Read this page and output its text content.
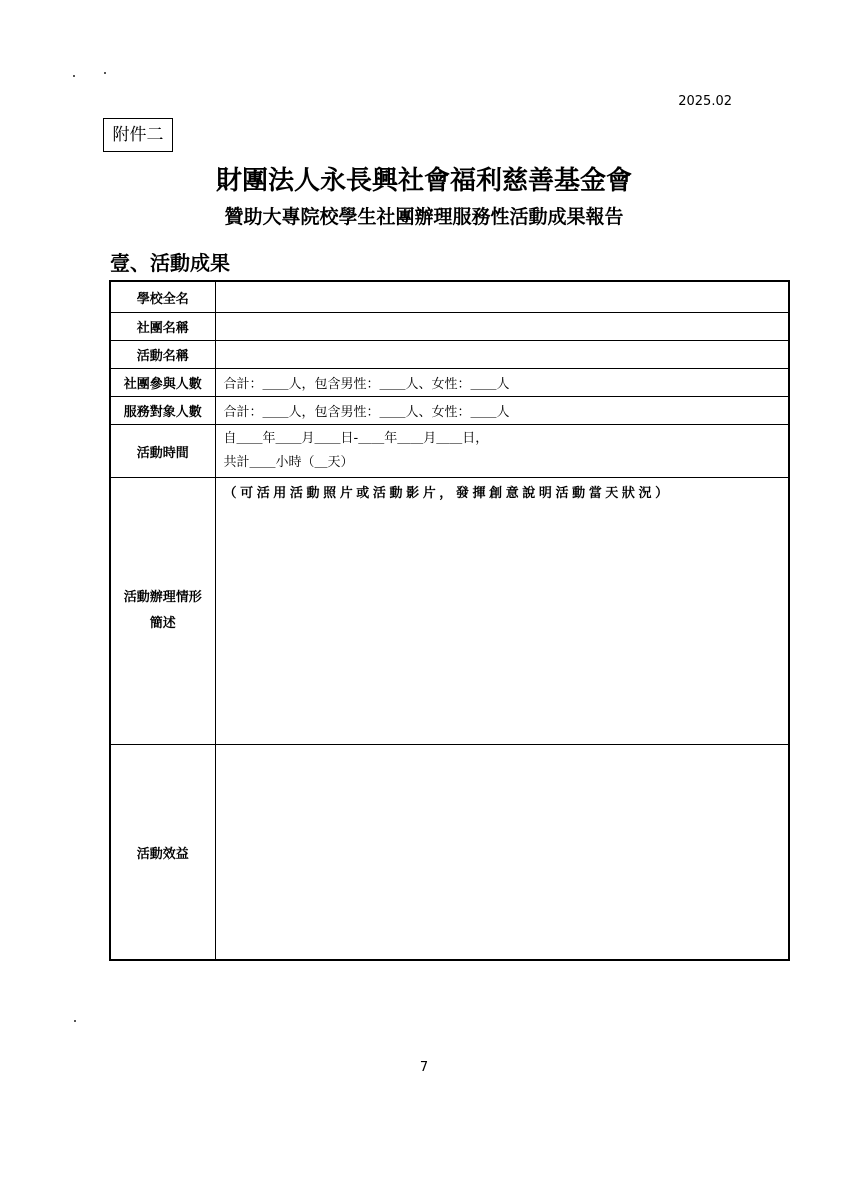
2025.02
附件二
財團法人永長興社會福利慈善基金會
贊助大專院校學生社團辦理服務性活動成果報告
壹、活動成果
學校全名	
社團名稱	
活動名稱	
社團參與人數	合計：＿＿人，包含男性：＿＿人、女性：＿＿人
服務對象人數	合計：＿＿人，包含男性：＿＿人、女性：＿＿人
活動時間	自＿＿年＿＿月＿＿日-＿＿年＿＿月＿＿日，
共計＿＿小時（＿天）

活動辦理情形
簡述	（可活用活動照片或活動影片，發揮創意說明活動當天狀況）

活動效益	
7
